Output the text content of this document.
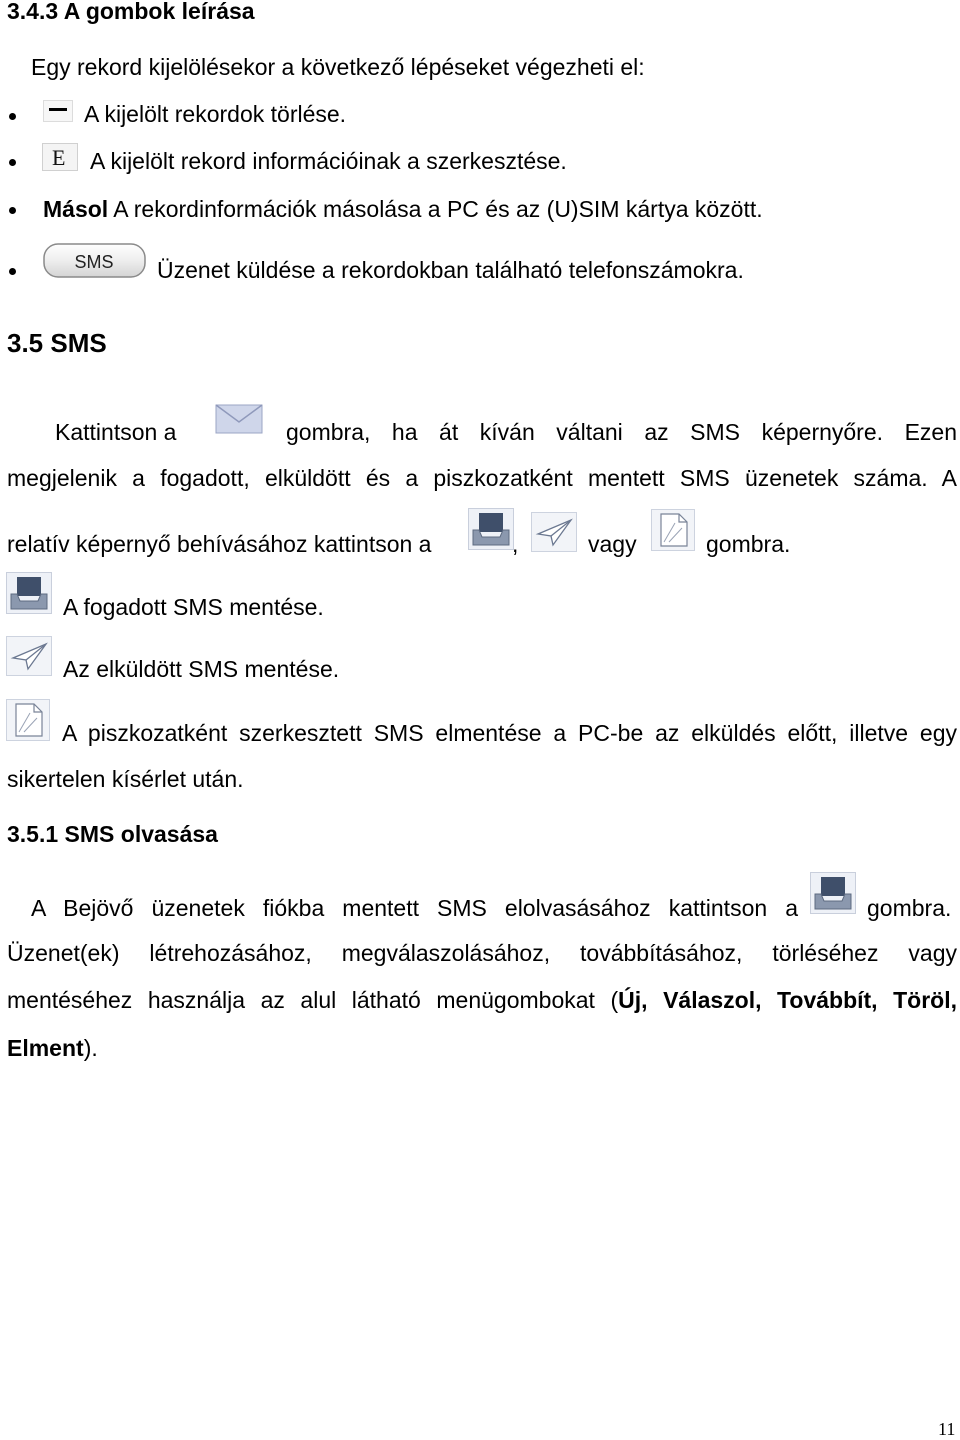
3.4.3 A gombok leírása
Egy rekord kijelölésekor a következő lépéseket végezheti el:
A kijelölt rekordok törlése.
E A kijelölt rekord információinak a szerkesztése.
Másol A rekordinformációk másolása a PC és az (U)SIM kártya között.
SMS Üzenet küldése a rekordokban található telefonszámokra.
3.5 SMS
Kattintson a	gombra, ha át kíván váltani az SMS képernyőre. Ezen
megjelenik a fogadott, elküldött és a piszkozatként mentett SMS üzenetek száma. A
relatív képernyő behívásához kattintson a	,	vagy	gombra.
A fogadott SMS mentése.
Az elküldött SMS mentése.
A piszkozatként szerkesztett SMS elmentése a PC-be az elküldés előtt, illetve egy
sikertelen kísérlet után.
3.5.1 SMS olvasása
A Bejövő üzenetek fiókba mentett SMS elolvasásához kattintson a	gombra.
Üzenet(ek) létrehozásához, megválaszolásához, továbbításához, törléséhez vagy
mentéséhez használja az alul látható menügombokat (Új, Válaszol, Továbbít, Töröl,
Elment).
11
